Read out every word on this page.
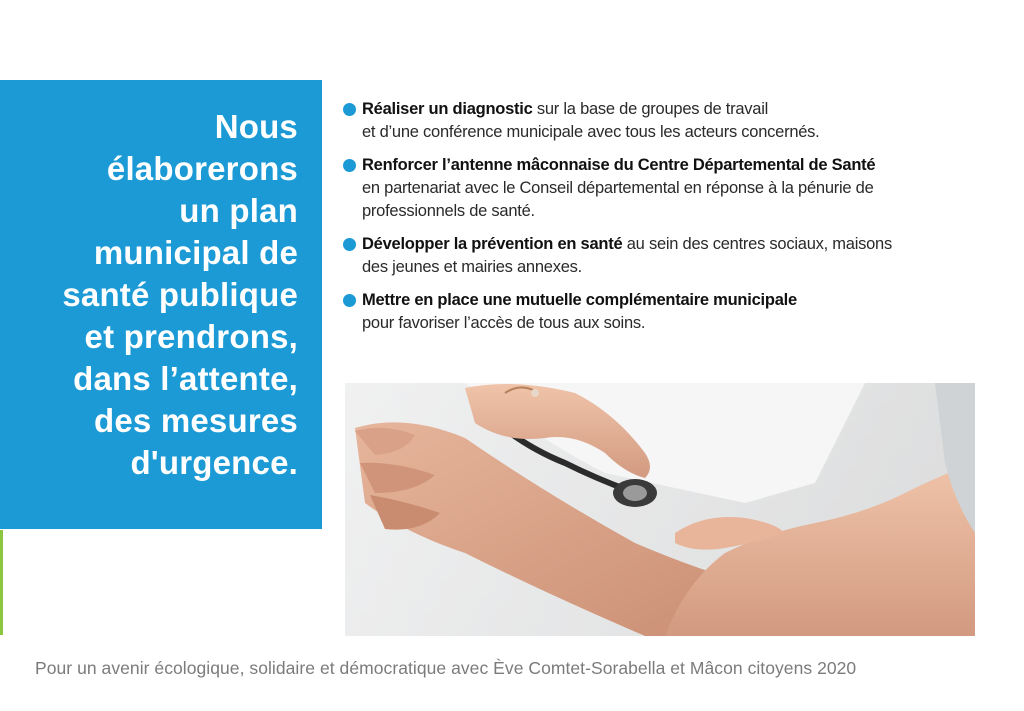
Nous
élaborerons
un plan
municipal de
santé publique
et prendrons,
dans l’attente,
des mesures
d'urgence.
Réaliser un diagnostic sur la base de groupes de travail
et d’une conférence municipale avec tous les acteurs concernés.
Renforcer l’antenne mâconnaise du Centre Départemental de Santé
en partenariat avec le Conseil départemental en réponse à la pénurie de
professionnels de santé.
Développer la prévention en santé au sein des centres sociaux, maisons
des jeunes et mairies annexes.
Mettre en place une mutuelle complémentaire municipale
pour favoriser l’accès de tous aux soins.

Pour un avenir écologique, solidaire et démocratique avec Ève Comtet-Sorabella et Mâcon citoyens 2020
